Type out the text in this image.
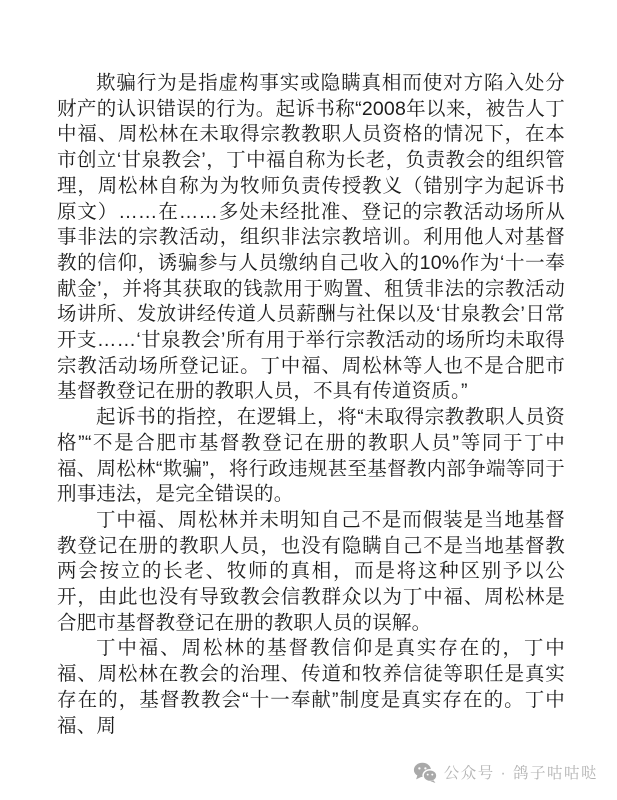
欺骗行为是指虚构事实或隐瞒真相而使对方陷入处分财产的认识错误的行为。起诉书称“2008年以来，被告人丁中福、周松林在未取得宗教教职人员资格的情况下，在本市创立‘甘泉教会’，丁中福自称为长老，负责教会的组织管理，周松林自称为为牧师负责传授教义（错别字为起诉书原文）……在……多处未经批准、登记的宗教活动场所从事非法的宗教活动，组织非法宗教培训。利用他人对基督教的信仰，诱骗参与人员缴纳自己收入的10%作为‘十一奉献金’，并将其获取的钱款用于购置、租赁非法的宗教活动场讲所、发放讲经传道人员薪酬与社保以及‘甘泉教会’日常开支……‘甘泉教会’所有用于举行宗教活动的场所均未取得宗教活动场所登记证。丁中福、周松林等人也不是合肥市基督教登记在册的教职人员，不具有传道资质。”

起诉书的指控，在逻辑上，将“未取得宗教教职人员资格”“不是合肥市基督教登记在册的教职人员”等同于丁中福、周松林“欺骗”，将行政违规甚至基督教内部争端等同于刑事违法，是完全错误的。

丁中福、周松林并未明知自己不是而假装是当地基督教登记在册的教职人员，也没有隐瞒自己不是当地基督教两会按立的长老、牧师的真相，而是将这种区别予以公开，由此也没有导致教会信教群众以为丁中福、周松林是合肥市基督教登记在册的教职人员的误解。

丁中福、周松林的基督教信仰是真实存在的，丁中福、周松林在教会的治理、传道和牧养信徒等职任是真实存在的，基督教教会“十一奉献”制度是真实存在的。丁中福、周

公众号 · 鸽子咕咕哒
